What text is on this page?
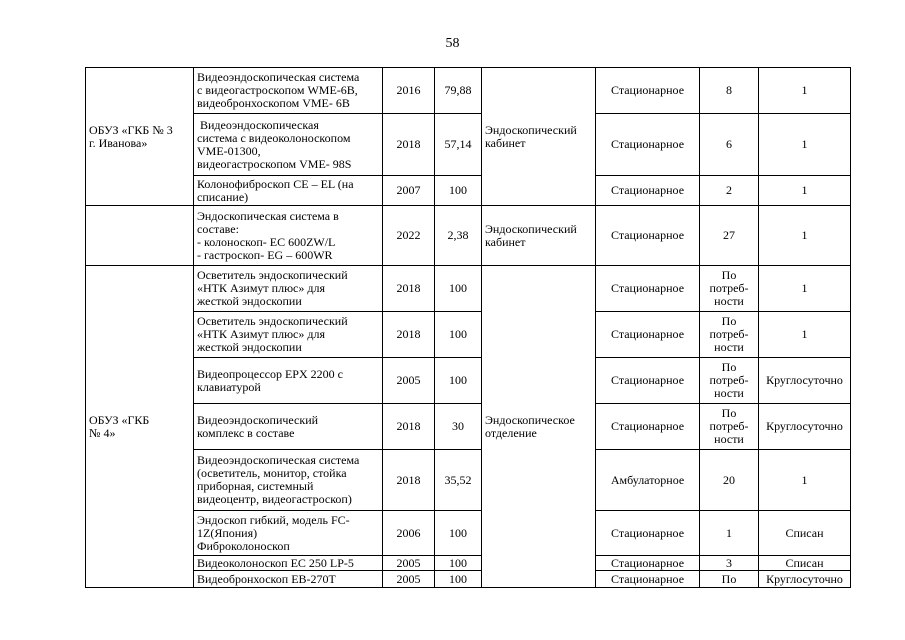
58
ОБУЗ «ГКБ № 3
г. Иванова»	Видеоэндоскопическая система
с видеогастроскопом WME-6B,
видеобронхоскопом VME- 6B	2016	79,88	Эндоскопический
кабинет	Стационарное	8	1

	Видеоэндоскопическая
система с видеоколоноскопом
VME-01300,
видеогастроскопом VME- 98S	2018	57,14		Стационарное	6	1

	Колонофиброскоп CE – EL (на
списание)	2007	100		Стационарное	2	1

	Эндоскопическая система в
составе:
- колоноскоп- EC 600ZW/L
- гастроскоп- EG – 600WR	2022	2,38	Эндоскопический
кабинет	Стационарное	27	1

ОБУЗ «ГКБ
№ 4»	Осветитель эндоскопический
«НТК Азимут плюс» для
жесткой эндоскопии	2018	100	Эндоскопическое
отделение	Стационарное	По
потреб-
ности	1

	Осветитель эндоскопический
«НТК Азимут плюс» для
жесткой эндоскопии	2018	100		Стационарное	По
потреб-
ности	1

	Видеопроцессор EPX 2200 с
клавиатурой	2005	100		Стационарное	По
потреб-
ности	Круглосуточно

	Видеоэндоскопический
комплекс в составе	2018	30		Стационарное	По
потреб-
ности	Круглосуточно

	Видеоэндоскопическая система
(осветитель, монитор, стойка
приборная, системный
видеоцентр, видеогастроскоп)	2018	35,52		Амбулаторное	20	1

	Эндоскоп гибкий, модель FC-
1Z(Япония)
Фиброколоноскоп	2006	100		Стационарное	1	Списан

	Видеоколоноскоп EC 250 LP-5	2005	100		Стационарное	3	Списан

	Видеобронхоскоп EB-270T	2005	100		Стационарное	По	Круглосуточно
